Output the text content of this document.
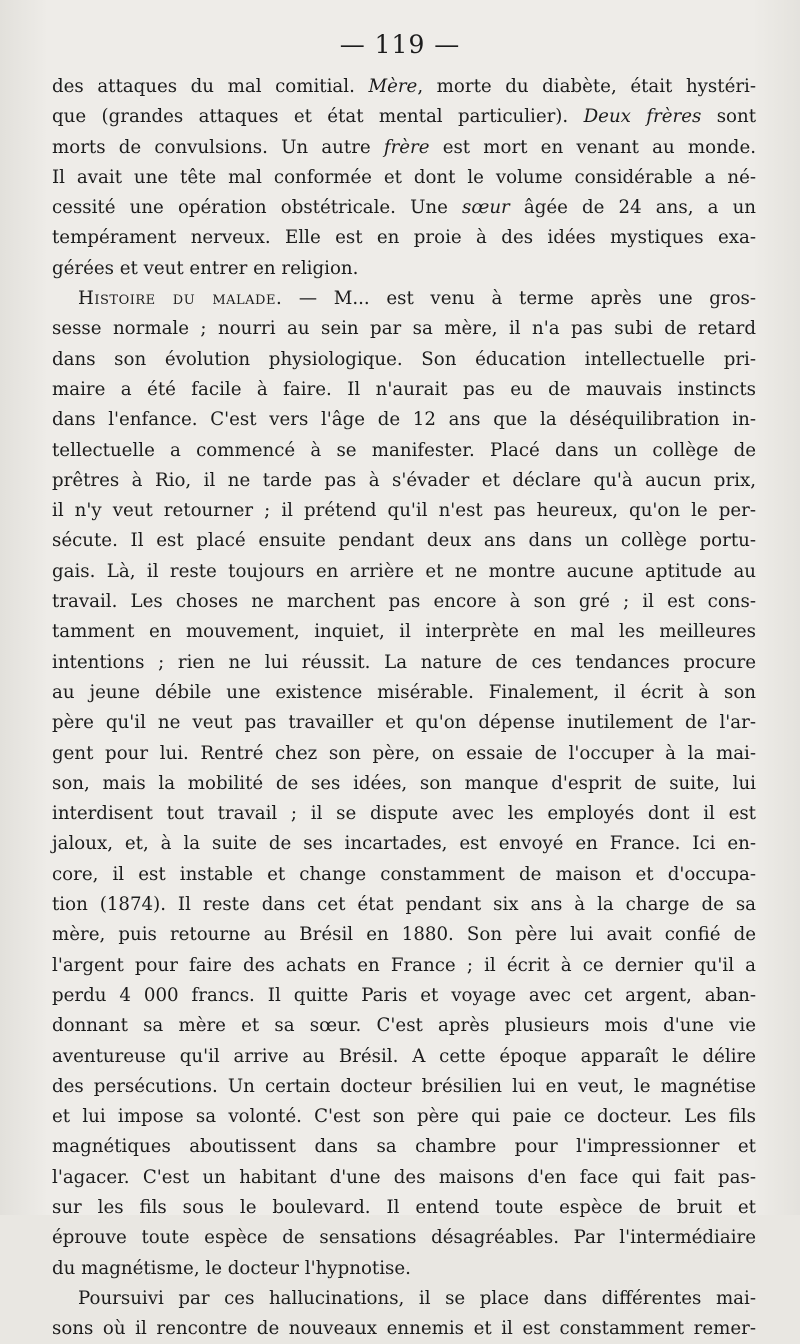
— 119 —
des attaques du mal comitial. Mère, morte du diabète, était hystéri-
que (grandes attaques et état mental particulier). Deux frères sont
morts de convulsions. Un autre frère est mort en venant au monde.
Il avait une tête mal conformée et dont le volume considérable a né-
cessité une opération obstétricale. Une sœur âgée de 24 ans, a un
tempérament nerveux. Elle est en proie à des idées mystiques exa-
gérées et veut entrer en religion.
Histoire du malade. — M... est venu à terme après une gros-
sesse normale ; nourri au sein par sa mère, il n'a pas subi de retard
dans son évolution physiologique. Son éducation intellectuelle pri-
maire a été facile à faire. Il n'aurait pas eu de mauvais instincts
dans l'enfance. C'est vers l'âge de 12 ans que la déséquilibration in-
tellectuelle a commencé à se manifester. Placé dans un collège de
prêtres à Rio, il ne tarde pas à s'évader et déclare qu'à aucun prix,
il n'y veut retourner ; il prétend qu'il n'est pas heureux, qu'on le per-
sécute. Il est placé ensuite pendant deux ans dans un collège portu-
gais. Là, il reste toujours en arrière et ne montre aucune aptitude au
travail. Les choses ne marchent pas encore à son gré ; il est cons-
tamment en mouvement, inquiet, il interprète en mal les meilleures
intentions ; rien ne lui réussit. La nature de ces tendances procure
au jeune débile une existence misérable. Finalement, il écrit à son
père qu'il ne veut pas travailler et qu'on dépense inutilement de l'ar-
gent pour lui. Rentré chez son père, on essaie de l'occuper à la mai-
son, mais la mobilité de ses idées, son manque d'esprit de suite, lui
interdisent tout travail ; il se dispute avec les employés dont il est
jaloux, et, à la suite de ses incartades, est envoyé en France. Ici en-
core, il est instable et change constamment de maison et d'occupa-
tion (1874). Il reste dans cet état pendant six ans à la charge de sa
mère, puis retourne au Brésil en 1880. Son père lui avait confié de
l'argent pour faire des achats en France ; il écrit à ce dernier qu'il a
perdu 4 000 francs. Il quitte Paris et voyage avec cet argent, aban-
donnant sa mère et sa sœur. C'est après plusieurs mois d'une vie
aventureuse qu'il arrive au Brésil. A cette époque apparaît le délire
des persécutions. Un certain docteur brésilien lui en veut, le magnétise
et lui impose sa volonté. C'est son père qui paie ce docteur. Les fils
magnétiques aboutissent dans sa chambre pour l'impressionner et
l'agacer. C'est un habitant d'une des maisons d'en face qui fait pas-
sur les fils sous le boulevard. Il entend toute espèce de bruit et
éprouve toute espèce de sensations désagréables. Par l'intermédiaire
du magnétisme, le docteur l'hypnotise.
Poursuivi par ces hallucinations, il se place dans différentes mai-
sons où il rencontre de nouveaux ennemis et il est constamment remer-
